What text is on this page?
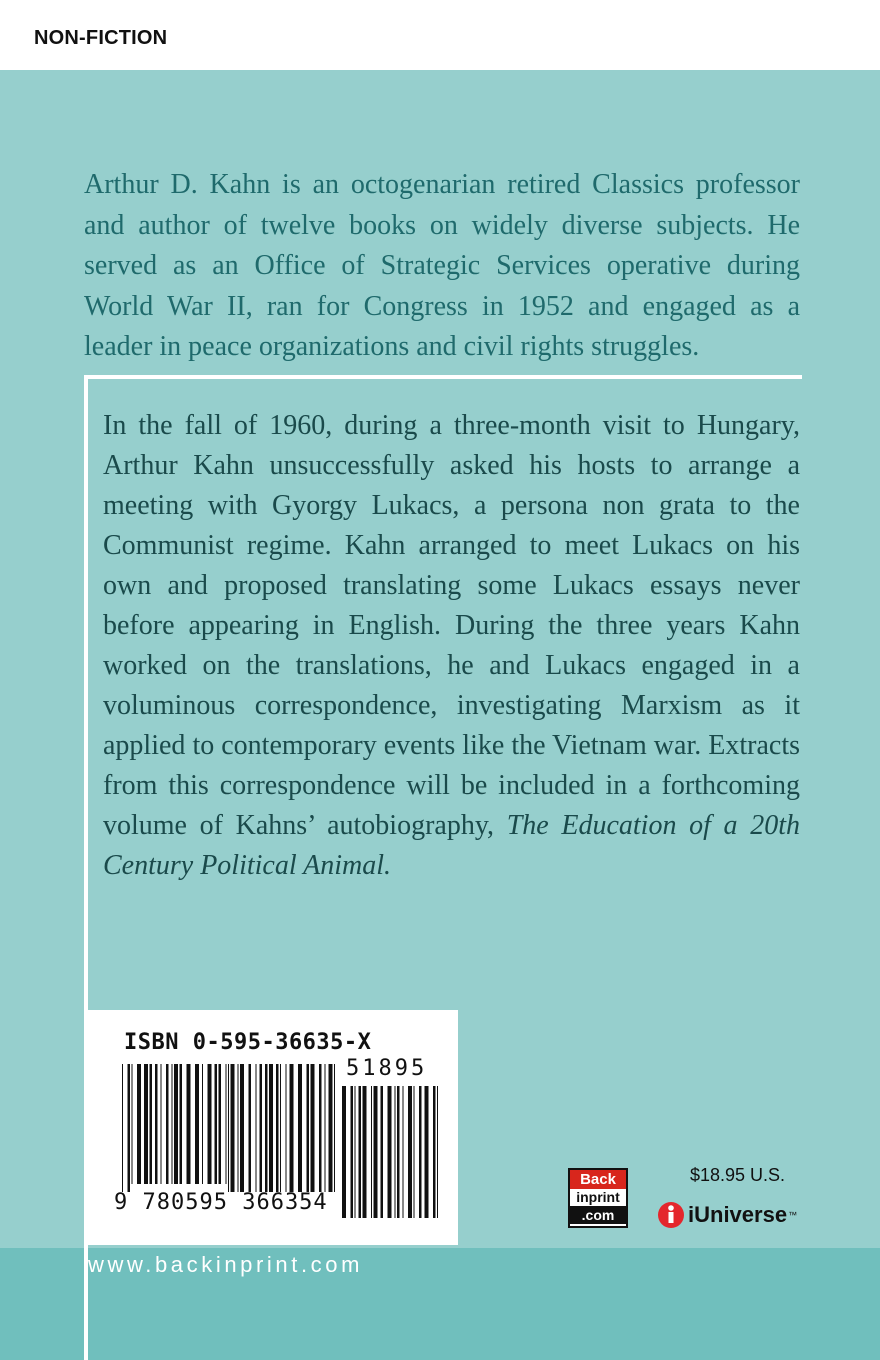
NON-FICTION
Arthur D. Kahn is an octogenarian retired Classics professor
and author of twelve books on widely diverse subjects. He
served as an Office of Strategic Services operative during
World War II, ran for Congress in 1952 and engaged as a
leader in peace organizations and civil rights struggles.

In the fall of 1960, during a three-month visit to Hungary, Arthur Kahn unsuccessfully asked his hosts to arrange a meeting with Gyorgy Lukacs, a persona non grata to the Communist regime. Kahn arranged to meet Lukacs on his own and proposed translating some Lukacs essays never before appearing in English. During the three years Kahn worked on the translations, he and Lukacs engaged in a voluminous correspondence, investigating Marxism as it applied to contemporary events like the Vietnam war. Extracts from this correspondence will be included in a forthcoming volume of Kahns’ autobiography, The Education of a 20th Century Political Animal.

ISBN 0-595-36635-X
51895
9 780595 366354
www.backinprint.com
Back
inprint
.com
$18.95 U.S.
iUniverse ™
